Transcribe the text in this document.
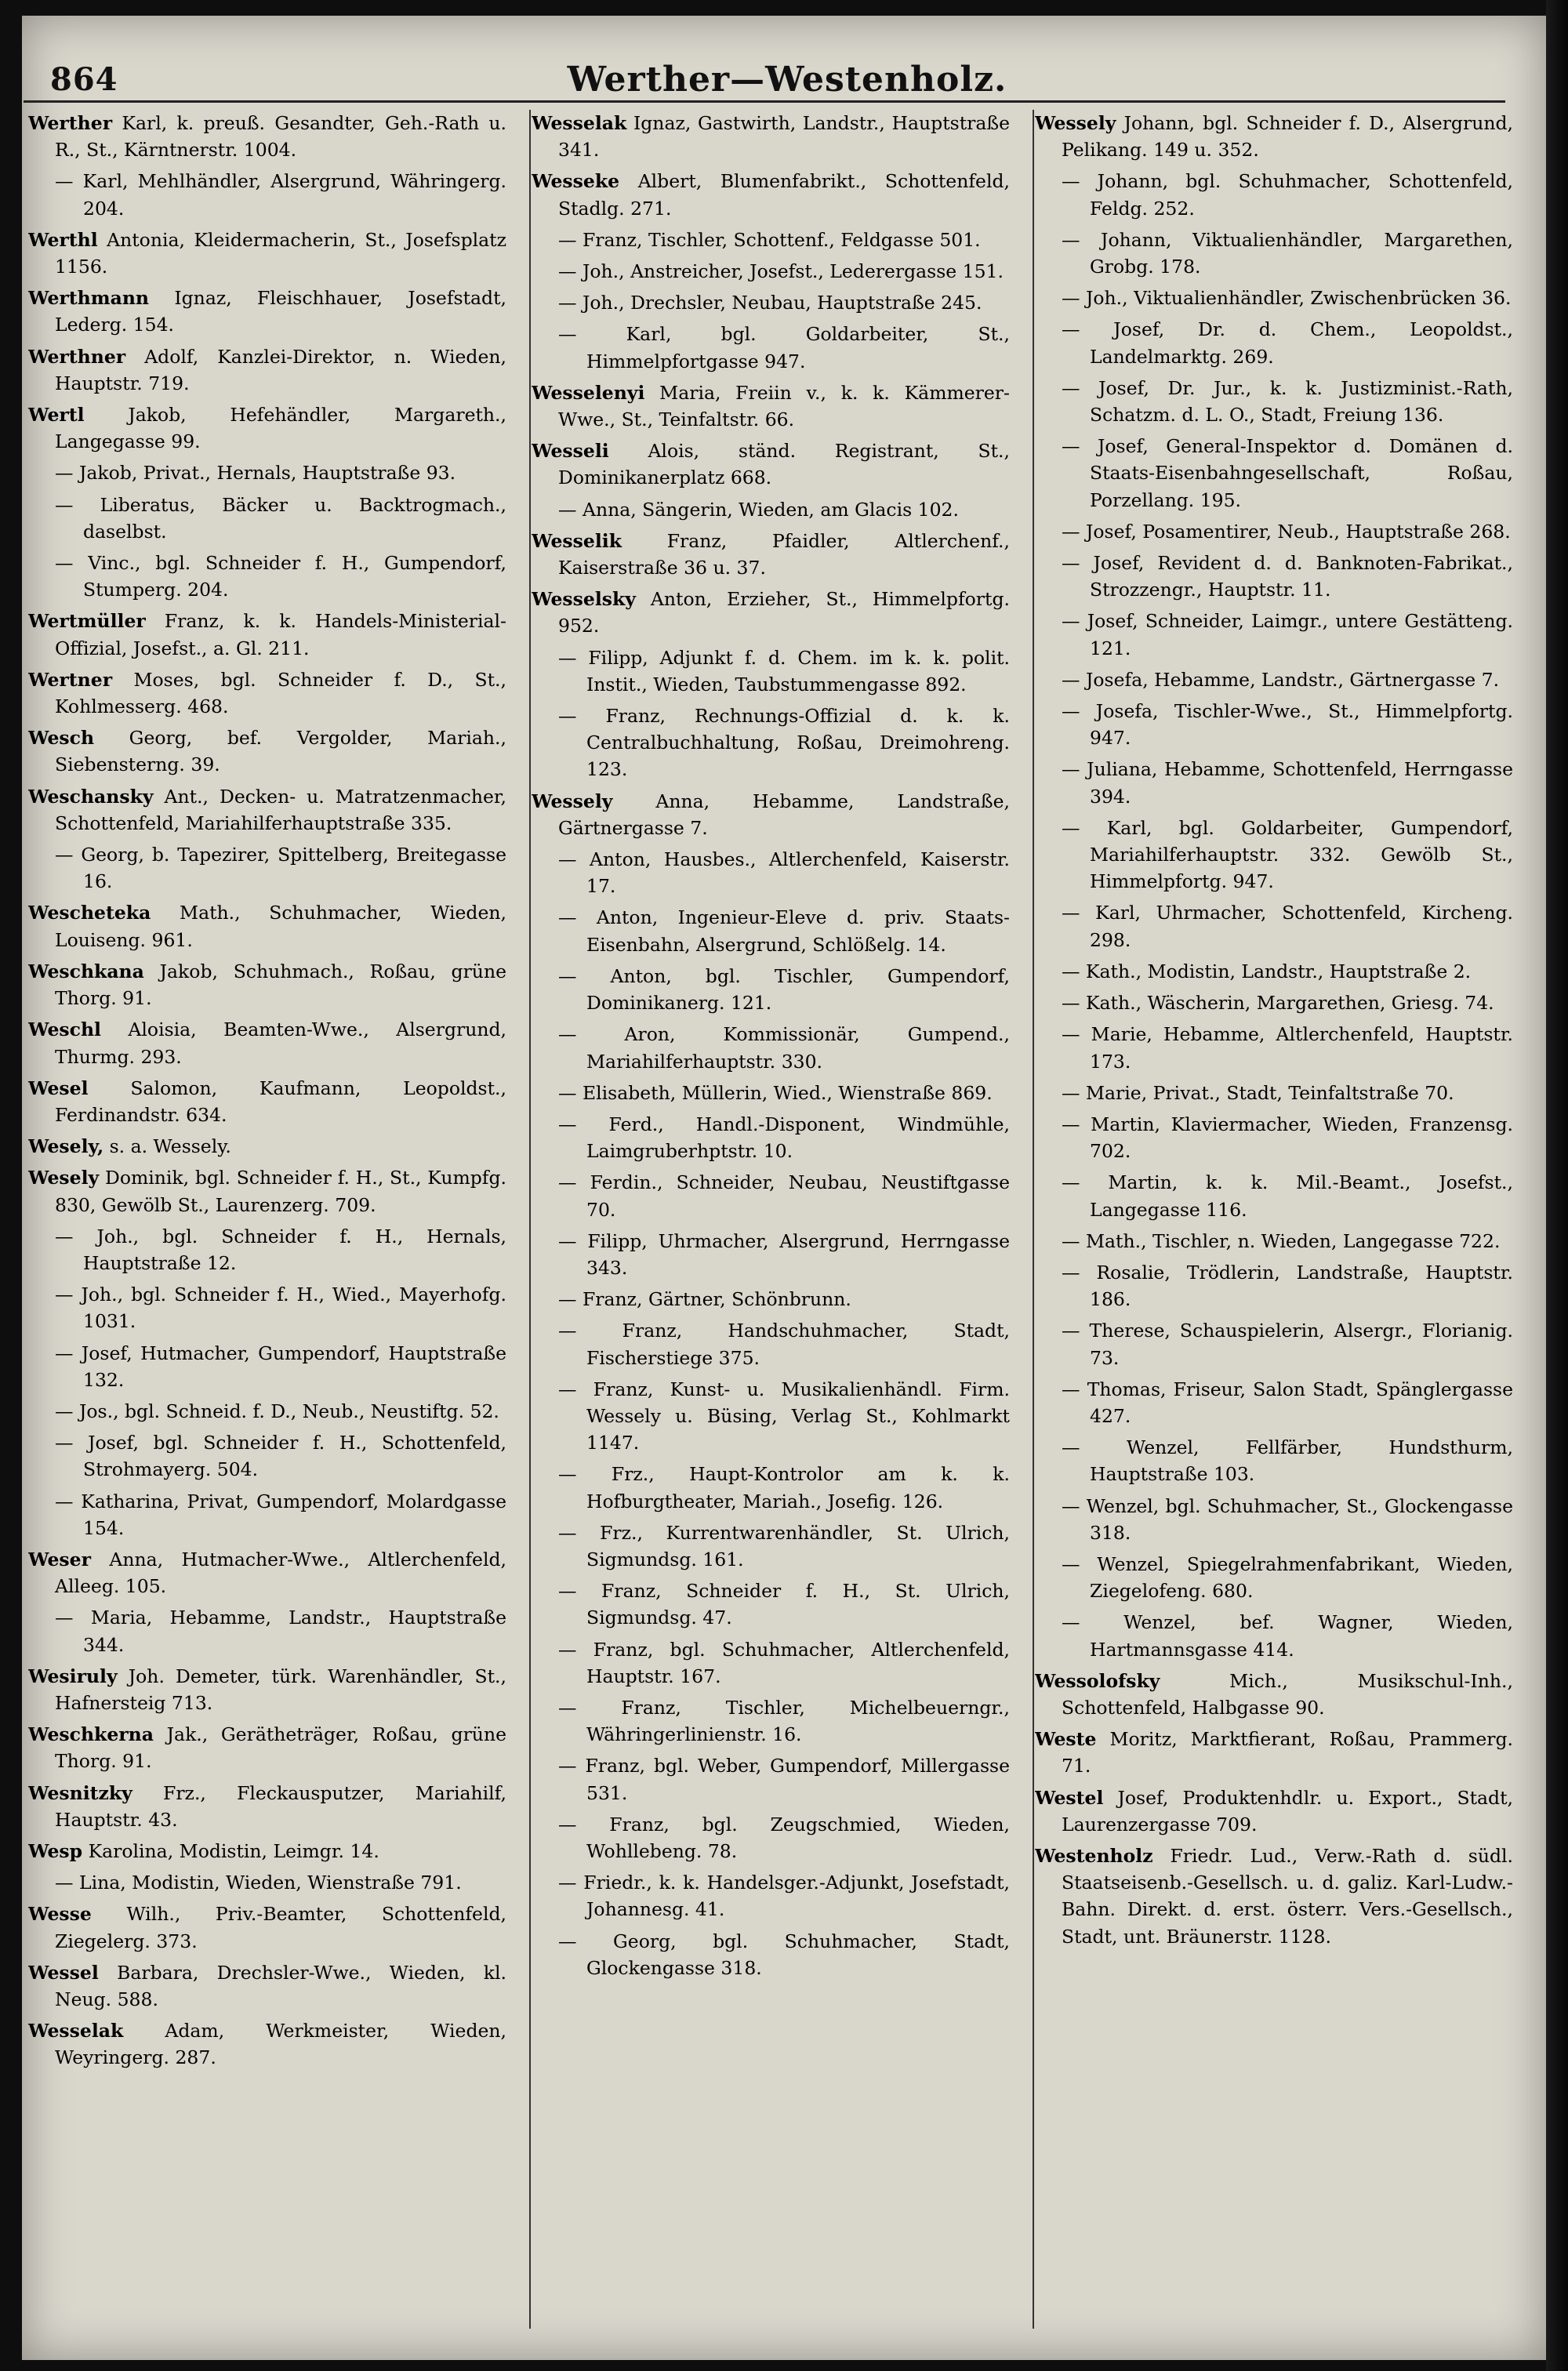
864	Werther—Westenholz.

Werther Karl, k. preuß. Gesandter, Geh.-Rath u. R., St., Kärntnerstr. 1004.

— Karl, Mehlhändler, Alsergrund, Währingerg. 204.

Werthl Antonia, Kleidermacherin, St., Josefsplatz 1156.

Werthmann Ignaz, Fleischhauer, Josefstadt, Lederg. 154.

Werthner Adolf, Kanzlei-Direktor, n. Wieden, Hauptstr. 719.

Wertl Jakob, Hefehändler, Margareth., Langegasse 99.

— Jakob, Privat., Hernals, Hauptstraße 93.

— Liberatus, Bäcker u. Backtrogmach., daselbst.

— Vinc., bgl. Schneider f. H., Gumpendorf, Stumperg. 204.

Wertmüller Franz, k. k. Handels-Ministerial-Offizial, Josefst., a. Gl. 211.

Wertner Moses, bgl. Schneider f. D., St., Kohlmesserg. 468.

Wesch Georg, bef. Vergolder, Mariah., Siebensterng. 39.

Weschansky Ant., Decken- u. Matratzenmacher, Schottenfeld, Mariahilferhauptstraße 335.

— Georg, b. Tapezirer, Spittelberg, Breitegasse 16.

Wescheteka Math., Schuhmacher, Wieden, Louiseng. 961.

Weschkana Jakob, Schuhmach., Roßau, grüne Thorg. 91.

Weschl Aloisia, Beamten-Wwe., Alsergrund, Thurmg. 293.

Wesel Salomon, Kaufmann, Leopoldst., Ferdinandstr. 634.

Wesely, s. a. Wessely.

Wesely Dominik, bgl. Schneider f. H., St., Kumpfg. 830, Gewölb St., Laurenzerg. 709.

— Joh., bgl. Schneider f. H., Hernals, Hauptstraße 12.

— Joh., bgl. Schneider f. H., Wied., Mayerhofg. 1031.

— Josef, Hutmacher, Gumpendorf, Hauptstraße 132.

— Jos., bgl. Schneid. f. D., Neub., Neustiftg. 52.

— Josef, bgl. Schneider f. H., Schottenfeld, Strohmayerg. 504.

— Katharina, Privat, Gumpendorf, Molardgasse 154.

Weser Anna, Hutmacher-Wwe., Altlerchenfeld, Alleeg. 105.

— Maria, Hebamme, Landstr., Hauptstraße 344.

Wesiruly Joh. Demeter, türk. Warenhändler, St., Hafnersteig 713.

Weschkerna Jak., Gerätheträger, Roßau, grüne Thorg. 91.

Wesnitzky Frz., Fleckausputzer, Mariahilf, Hauptstr. 43.

Wesp Karolina, Modistin, Leimgr. 14.

— Lina, Modistin, Wieden, Wienstraße 791.

Wesse Wilh., Priv.-Beamter, Schottenfeld, Ziegelerg. 373.

Wessel Barbara, Drechsler-Wwe., Wieden, kl. Neug. 588.

Wesselak Adam, Werkmeister, Wieden, Weyringerg. 287.

Wesselak Ignaz, Gastwirth, Landstr., Hauptstraße 341.

Wesseke Albert, Blumenfabrikt., Schottenfeld, Stadlg. 271.

— Franz, Tischler, Schottenf., Feldgasse 501.

— Joh., Anstreicher, Josefst., Lederergasse 151.

— Joh., Drechsler, Neubau, Hauptstraße 245.

— Karl, bgl. Goldarbeiter, St., Himmelpfortgasse 947.

Wesselenyi Maria, Freiin v., k. k. Kämmerer-Wwe., St., Teinfaltstr. 66.

Wesseli Alois, ständ. Registrant, St., Dominikanerplatz 668.

— Anna, Sängerin, Wieden, am Glacis 102.

Wesselik Franz, Pfaidler, Altlerchenf., Kaiserstraße 36 u. 37.

Wesselsky Anton, Erzieher, St., Himmelpfortg. 952.

— Filipp, Adjunkt f. d. Chem. im k. k. polit. Instit., Wieden, Taubstummengasse 892.

— Franz, Rechnungs-Offizial d. k. k. Centralbuchhaltung, Roßau, Dreimohreng. 123.

Wessely Anna, Hebamme, Landstraße, Gärtnergasse 7.

— Anton, Hausbes., Altlerchenfeld, Kaiserstr. 17.

— Anton, Ingenieur-Eleve d. priv. Staats-Eisenbahn, Alsergrund, Schlößelg. 14.

— Anton, bgl. Tischler, Gumpendorf, Dominikanerg. 121.

— Aron, Kommissionär, Gumpend., Mariahilferhauptstr. 330.

— Elisabeth, Müllerin, Wied., Wienstraße 869.

— Ferd., Handl.-Disponent, Windmühle, Laimgruberhptstr. 10.

— Ferdin., Schneider, Neubau, Neustiftgasse 70.

— Filipp, Uhrmacher, Alsergrund, Herrngasse 343.

— Franz, Gärtner, Schönbrunn.

— Franz, Handschuhmacher, Stadt, Fischerstiege 375.

— Franz, Kunst- u. Musikalienhändl. Firm. Wessely u. Büsing, Verlag St., Kohlmarkt 1147.

— Frz., Haupt-Kontrolor am k. k. Hofburgtheater, Mariah., Josefig. 126.

— Frz., Kurrentwarenhändler, St. Ulrich, Sigmundsg. 161.

— Franz, Schneider f. H., St. Ulrich, Sigmundsg. 47.

— Franz, bgl. Schuhmacher, Altlerchenfeld, Hauptstr. 167.

— Franz, Tischler, Michelbeuerngr., Währingerlinienstr. 16.

— Franz, bgl. Weber, Gumpendorf, Millergasse 531.

— Franz, bgl. Zeugschmied, Wieden, Wohllebeng. 78.

— Friedr., k. k. Handelsger.-Adjunkt, Josefstadt, Johannesg. 41.

— Georg, bgl. Schuhmacher, Stadt, Glockengasse 318.

Wessely Johann, bgl. Schneider f. D., Alsergrund, Pelikang. 149 u. 352.

— Johann, bgl. Schuhmacher, Schottenfeld, Feldg. 252.

— Johann, Viktualienhändler, Margarethen, Grobg. 178.

— Joh., Viktualienhändler, Zwischenbrücken 36.

— Josef, Dr. d. Chem., Leopoldst., Landelmarktg. 269.

— Josef, Dr. Jur., k. k. Justizminist.-Rath, Schatzm. d. L. O., Stadt, Freiung 136.

— Josef, General-Inspektor d. Domänen d. Staats-Eisenbahngesellschaft, Roßau, Porzellang. 195.

— Josef, Posamentirer, Neub., Hauptstraße 268.

— Josef, Revident d. d. Banknoten-Fabrikat., Strozzengr., Hauptstr. 11.

— Josef, Schneider, Laimgr., untere Gestätteng. 121.

— Josefa, Hebamme, Landstr., Gärtnergasse 7.

— Josefa, Tischler-Wwe., St., Himmelpfortg. 947.

— Juliana, Hebamme, Schottenfeld, Herrngasse 394.

— Karl, bgl. Goldarbeiter, Gumpendorf, Mariahilferhauptstr. 332. Gewölb St., Himmelpfortg. 947.

— Karl, Uhrmacher, Schottenfeld, Kircheng. 298.

— Kath., Modistin, Landstr., Hauptstraße 2.

— Kath., Wäscherin, Margarethen, Griesg. 74.

— Marie, Hebamme, Altlerchenfeld, Hauptstr. 173.

— Marie, Privat., Stadt, Teinfaltstraße 70.

— Martin, Klaviermacher, Wieden, Franzensg. 702.

— Martin, k. k. Mil.-Beamt., Josefst., Langegasse 116.

— Math., Tischler, n. Wieden, Langegasse 722.

— Rosalie, Trödlerin, Landstraße, Hauptstr. 186.

— Therese, Schauspielerin, Alsergr., Florianig. 73.

— Thomas, Friseur, Salon Stadt, Spänglergasse 427.

— Wenzel, Fellfärber, Hundsthurm, Hauptstraße 103.

— Wenzel, bgl. Schuhmacher, St., Glockengasse 318.

— Wenzel, Spiegelrahmenfabrikant, Wieden, Ziegelofeng. 680.

— Wenzel, bef. Wagner, Wieden, Hartmannsgasse 414.

Wessolofsky Mich., Musikschul-Inh., Schottenfeld, Halbgasse 90.

Weste Moritz, Marktfierant, Roßau, Prammerg. 71.

Westel Josef, Produktenhdlr. u. Export., Stadt, Laurenzergasse 709.

Westenholz Friedr. Lud., Verw.-Rath d. südl. Staatseisenb.-Gesellsch. u. d. galiz. Karl-Ludw.-Bahn. Direkt. d. erst. österr. Vers.-Gesellsch., Stadt, unt. Bräunerstr. 1128.
